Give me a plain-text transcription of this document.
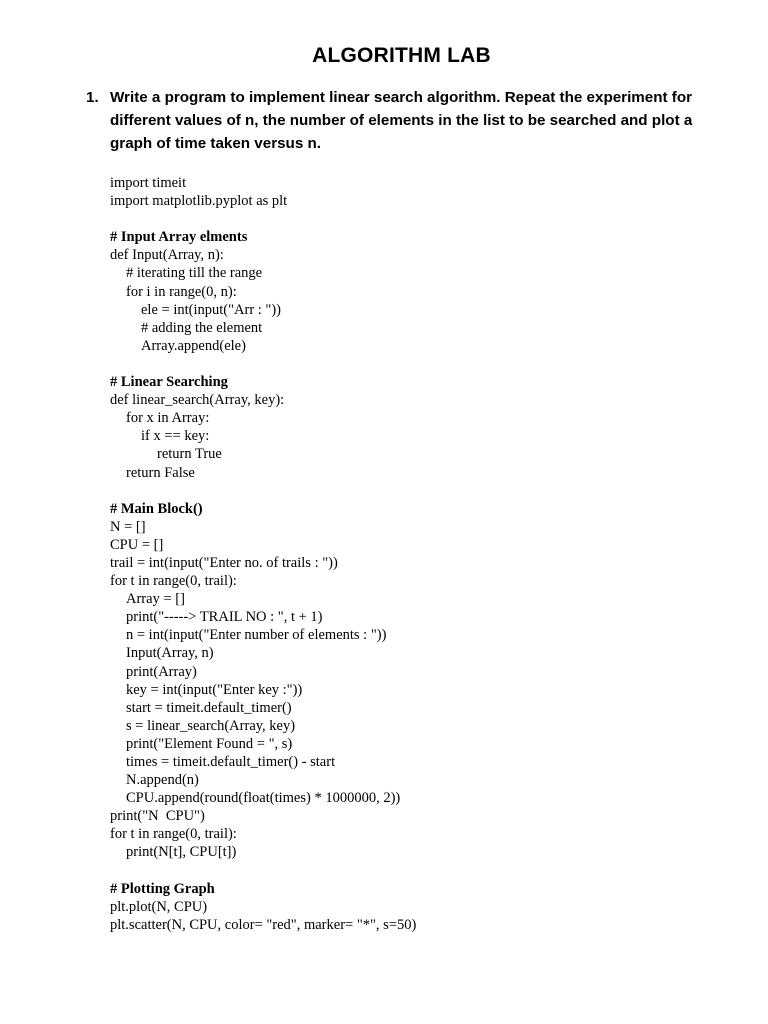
ALGORITHM LAB
1. Write a program to implement linear search algorithm. Repeat the experiment for
different values of n, the number of elements in the list to be searched and plot a
graph of time taken versus n.
import timeit
import matplotlib.pyplot as plt
# Input Array elments
def Input(Array, n):
# iterating till the range
for i in range(0, n):
ele = int(input("Arr : "))
# adding the element
Array.append(ele)
# Linear Searching
def linear_search(Array, key):
for x in Array:
if x == key:
return True
return False
# Main Block()
N = []
CPU = []
trail = int(input("Enter no. of trails : "))
for t in range(0, trail):
Array = []
print("-----> TRAIL NO : ", t + 1)
n = int(input("Enter number of elements : "))
Input(Array, n)
print(Array)
key = int(input("Enter key :"))
start = timeit.default_timer()
s = linear_search(Array, key)
print("Element Found = ", s)
times = timeit.default_timer() - start
N.append(n)
CPU.append(round(float(times) * 1000000, 2))
print("N  CPU")
for t in range(0, trail):
print(N[t], CPU[t])
# Plotting Graph
plt.plot(N, CPU)
plt.scatter(N, CPU, color= "red", marker= "*", s=50)
